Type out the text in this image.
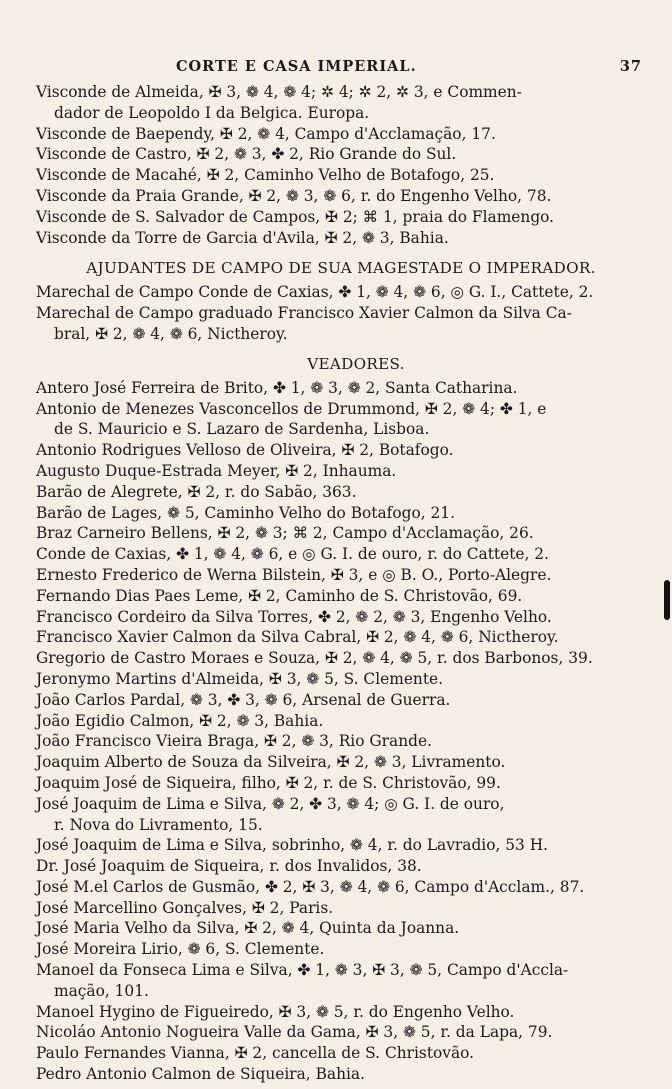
CORTE E CASA IMPERIAL.	37
Visconde de Almeida, ✠ 3, ❁ 4, ❁ 4; ✲ 4; ✲ 2, ✲ 3, e Commen-
dador de Leopoldo I da Belgica. Europa.
Visconde de Baependy, ✠ 2, ❁ 4, Campo d'Acclamação, 17.
Visconde de Castro, ✠ 2, ❁ 3, ✤ 2, Rio Grande do Sul.
Visconde de Macahé, ✠ 2, Caminho Velho de Botafogo, 25.
Visconde da Praia Grande, ✠ 2, ❁ 3, ❁ 6, r. do Engenho Velho, 78.
Visconde de S. Salvador de Campos, ✠ 2; ⌘ 1, praia do Flamengo.
Visconde da Torre de Garcia d'Avila, ✠ 2, ❁ 3, Bahia.
AJUDANTES DE CAMPO DE SUA MAGESTADE O IMPERADOR.
Marechal de Campo Conde de Caxias, ✤ 1, ❁ 4, ❁ 6, ◎ G. I., Cattete, 2.
Marechal de Campo graduado Francisco Xavier Calmon da Silva Ca-
bral, ✠ 2, ❁ 4, ❁ 6, Nictheroy.
VEADORES.
Antero José Ferreira de Brito, ✤ 1, ❁ 3, ❁ 2, Santa Catharina.
Antonio de Menezes Vasconcellos de Drummond, ✠ 2, ❁ 4; ✤ 1, e
de S. Mauricio e S. Lazaro de Sardenha, Lisboa.
Antonio Rodrigues Velloso de Oliveira, ✠ 2, Botafogo.
Augusto Duque-Estrada Meyer, ✠ 2, Inhauma.
Barão de Alegrete, ✠ 2, r. do Sabão, 363.
Barão de Lages, ❁ 5, Caminho Velho do Botafogo, 21.
Braz Carneiro Bellens, ✠ 2, ❁ 3; ⌘ 2, Campo d'Acclamação, 26.
Conde de Caxias, ✤ 1, ❁ 4, ❁ 6, e ◎ G. I. de ouro, r. do Cattete, 2.
Ernesto Frederico de Werna Bilstein, ✠ 3, e ◎ B. O., Porto-Alegre.
Fernando Dias Paes Leme, ✠ 2, Caminho de S. Christovão, 69.
Francisco Cordeiro da Silva Torres, ✤ 2, ❁ 2, ❁ 3, Engenho Velho.
Francisco Xavier Calmon da Silva Cabral, ✠ 2, ❁ 4, ❁ 6, Nictheroy.
Gregorio de Castro Moraes e Souza, ✠ 2, ❁ 4, ❁ 5, r. dos Barbonos, 39.
Jeronymo Martins d'Almeida, ✠ 3, ❁ 5, S. Clemente.
João Carlos Pardal, ❁ 3, ✤ 3, ❁ 6, Arsenal de Guerra.
João Egidio Calmon, ✠ 2, ❁ 3, Bahia.
João Francisco Vieira Braga, ✠ 2, ❁ 3, Rio Grande.
Joaquim Alberto de Souza da Silveira, ✠ 2, ❁ 3, Livramento.
Joaquim José de Siqueira, filho, ✠ 2, r. de S. Christovão, 99.
José Joaquim de Lima e Silva, ❁ 2, ✤ 3, ❁ 4; ◎ G. I. de ouro,
r. Nova do Livramento, 15.
José Joaquim de Lima e Silva, sobrinho, ❁ 4, r. do Lavradio, 53 H.
Dr. José Joaquim de Siqueira, r. dos Invalidos, 38.
José M.el Carlos de Gusmão, ✤ 2, ✠ 3, ❁ 4, ❁ 6, Campo d'Acclam., 87.
José Marcellino Gonçalves, ✠ 2, Paris.
José Maria Velho da Silva, ✠ 2, ❁ 4, Quinta da Joanna.
José Moreira Lirio, ❁ 6, S. Clemente.
Manoel da Fonseca Lima e Silva, ✤ 1, ❁ 3, ✠ 3, ❁ 5, Campo d'Accla-
mação, 101.
Manoel Hygino de Figueiredo, ✠ 3, ❁ 5, r. do Engenho Velho.
Nicoláo Antonio Nogueira Valle da Gama, ✠ 3, ❁ 5, r. da Lapa, 79.
Paulo Fernandes Vianna, ✠ 2, cancella de S. Christovão.
Pedro Antonio Calmon de Siqueira, Bahia.
